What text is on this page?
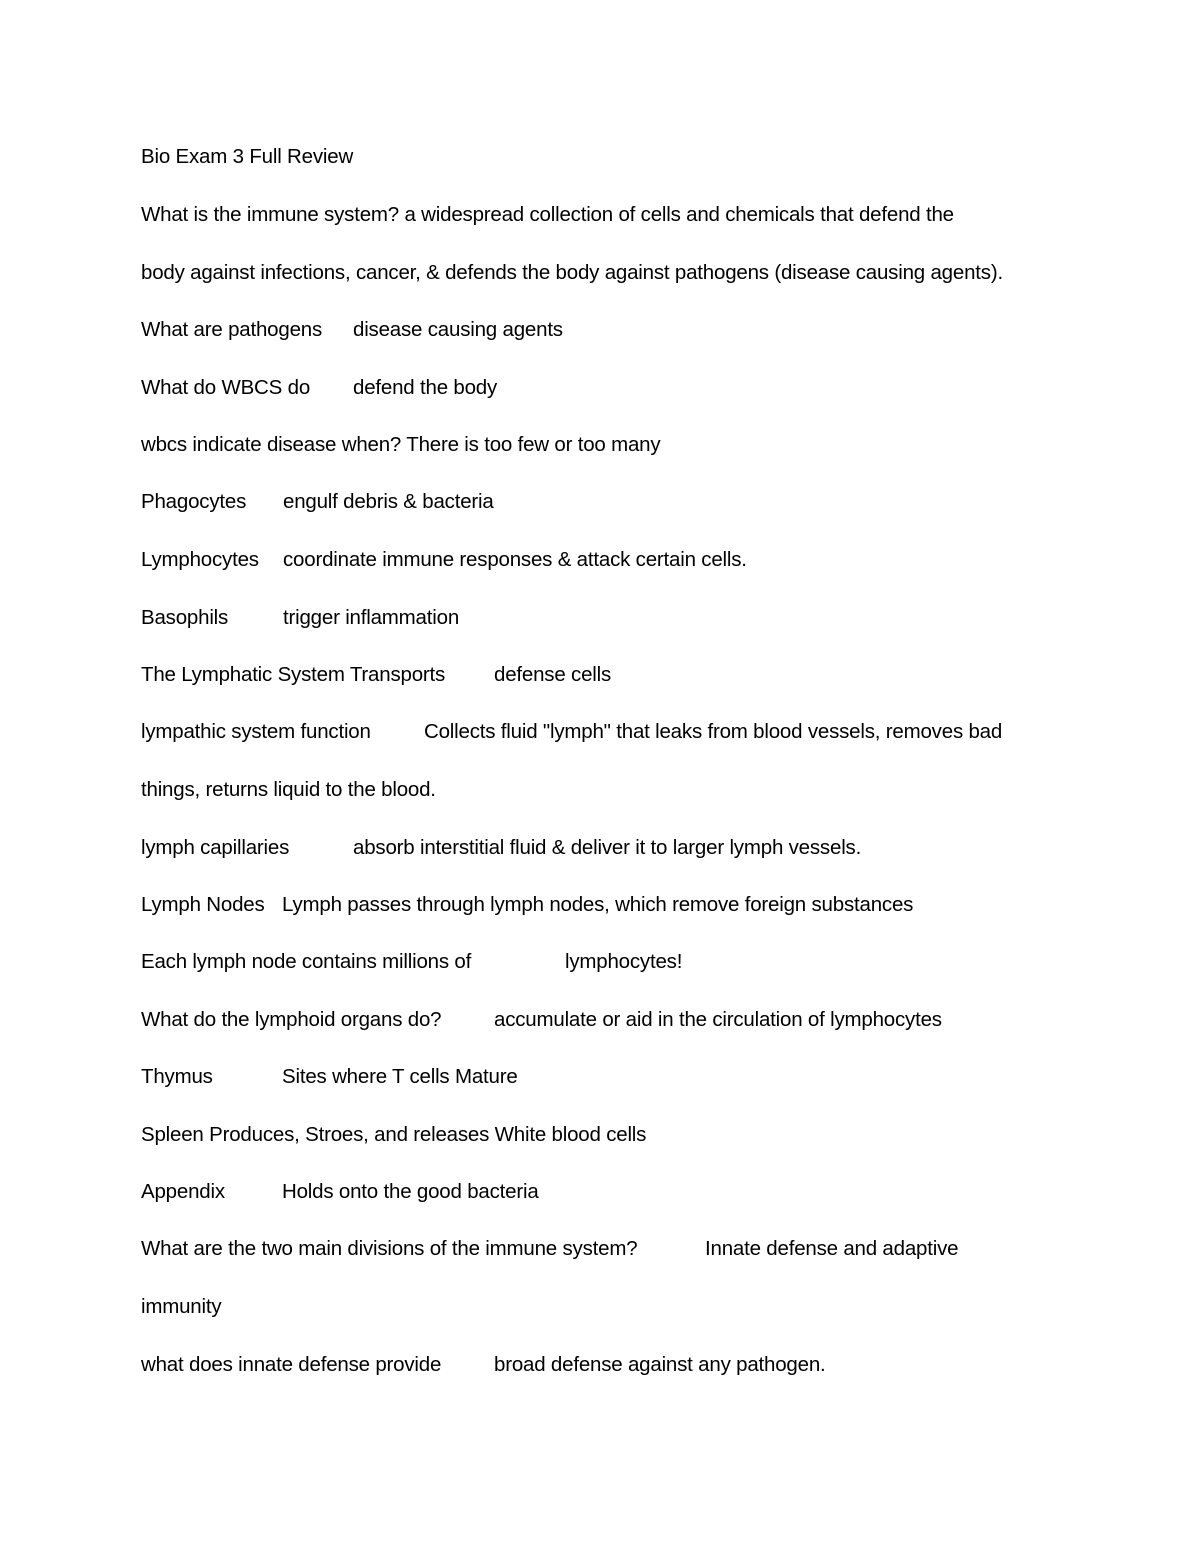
Bio Exam 3 Full Review
What is the immune system? a widespread collection of cells and chemicals that defend the
body against infections, cancer, & defends the body against pathogens (disease causing agents).
What are pathogens disease causing agents
What do WBCS do defend the body
wbcs indicate disease when? There is too few or too many
Phagocytes engulf debris & bacteria
Lymphocytes coordinate immune responses & attack certain cells.
Basophils	trigger inflammation
The Lymphatic System Transports defense cells
lympathic system function	Collects fluid "lymph" that leaks from blood vessels, removes bad
things, returns liquid to the blood.
lymph capillaries	absorb interstitial fluid & deliver it to larger lymph vessels.
Lymph Nodes Lymph passes through lymph nodes, which remove foreign substances
Each lymph node contains millions of	lymphocytes!
What do the lymphoid organs do?	accumulate or aid in the circulation of lymphocytes
Thymus	Sites where T cells Mature
Spleen Produces, Stroes, and releases White blood cells
Appendix	Holds onto the good bacteria
What are the two main divisions of the immune system?	Innate defense and adaptive
immunity
what does innate defense provide	broad defense against any pathogen.
